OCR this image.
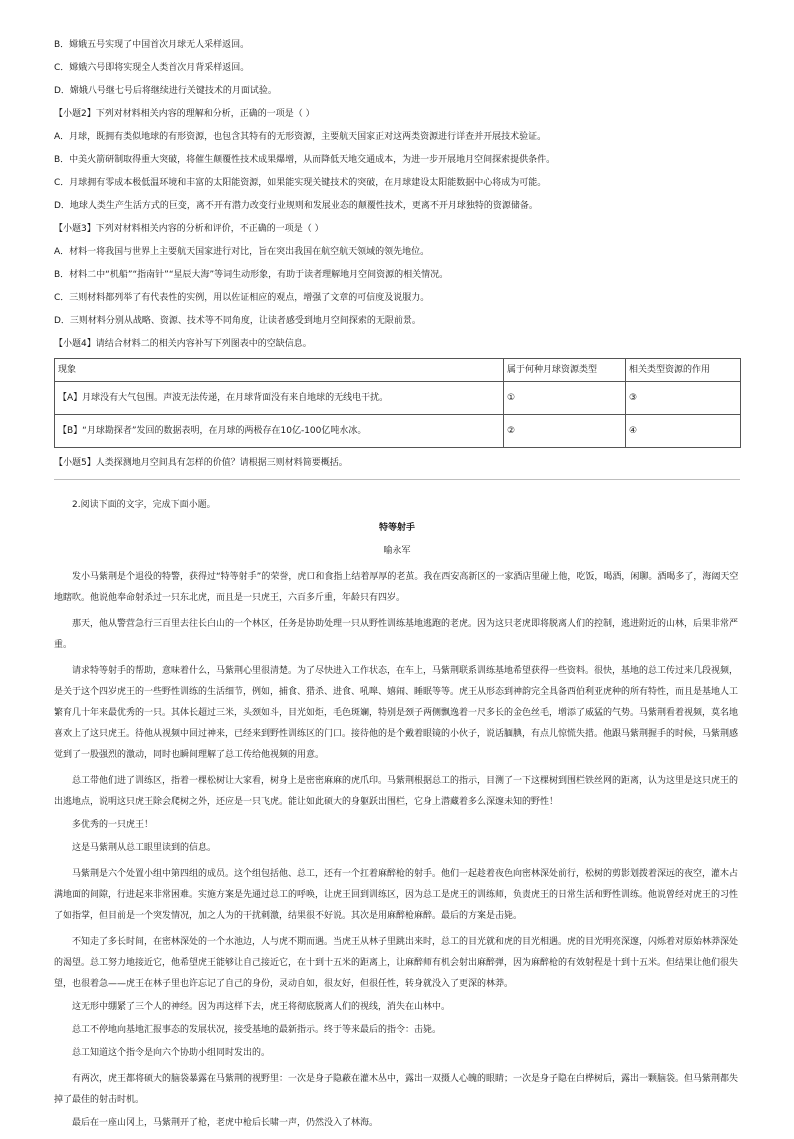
B．嫦娥五号实现了中国首次月球无人采样返回。
C．嫦娥六号即将实现全人类首次月背采样返回。
D．嫦娥八号继七号后将继续进行关键技术的月面试验。
【小题2】下列对材料相关内容的理解和分析，正确的一项是（ ）
A．月球，既拥有类似地球的有形资源，也包含其特有的无形资源，主要航天国家正对这两类资源进行详查并开展技术验证。
B．中美火箭研制取得重大突破，将催生颠覆性技术成果爆增，从而降低天地交通成本，为进一步开展地月空间探索提供条件。
C．月球拥有零成本极低温环境和丰富的太阳能资源，如果能实现关键技术的突破，在月球建设太阳能数据中心将成为可能。
D．地球人类生产生活方式的巨变，离不开有潜力改变行业规则和发展业态的颠覆性技术，更离不开月球独特的资源储备。
【小题3】下列对材料相关内容的分析和评价，不正确的一项是（ ）
A．材料一将我国与世界上主要航天国家进行对比，旨在突出我国在航空航天领域的领先地位。
B．材料二中“机船”“指南针”“星辰大海”等词生动形象，有助于读者理解地月空间资源的相关情况。
C．三则材料都列举了有代表性的实例，用以佐证相应的观点，增强了文章的可信度及说服力。
D．三则材料分别从战略、资源、技术等不同角度，让读者感受到地月空间探索的无限前景。
【小题4】请结合材料二的相关内容补写下列图表中的空缺信息。
现象	属于何种月球资源类型	相关类型资源的作用
【A】月球没有大气包围。声波无法传递，在月球背面没有来自地球的无线电干扰。	①	③
【B】“月球勘探者”发回的数据表明，在月球的两极存在10亿-100亿吨水冰。	②	④
【小题5】人类探测地月空间具有怎样的价值？请根据三则材料简要概括。
2.阅读下面的文字，完成下面小题。
特等射手
喻永军
发小马紫荆是个退役的特警，获得过“特等射手”的荣誉，虎口和食指上结着厚厚的老茧。我在西安高新区的一家酒店里碰上他，吃饭，喝酒，闲聊。酒喝多了，海阔天空地瞎吹。他说他奉命射杀过一只东北虎，而且是一只虎王，六百多斤重，年龄只有四岁。
那天，他从警营急行三百里去往长白山的一个林区，任务是协助处理一只从野性训练基地逃跑的老虎。因为这只老虎即将脱离人们的控制，逃进附近的山林，后果非常严重。
请求特等射手的帮助，意味着什么，马紫荆心里很清楚。为了尽快进入工作状态，在车上，马紫荆联系训练基地希望获得一些资料。很快，基地的总工传过来几段视频，是关于这个四岁虎王的一些野性训练的生活细节，例如，捕食、猎杀、进食、吼嗥、嬉闹、睡眠等等。虎王从形态到神韵完全具备西伯利亚虎种的所有特性，而且是基地人工繁育几十年来最优秀的一只。其体长超过三米，头颈如斗，目光如炬，毛色斑斓，特别是颈子两侧飘逸着一尺多长的金色丝毛，增添了威猛的气势。马紫荆看着视频，莫名地喜欢上了这只虎王。待他从视频中回过神来，已经来到野性训练区的门口。接待他的是个戴着眼镜的小伙子，说话腼腆，有点儿惊慌失措。他跟马紫荆握手的时候，马紫荆感觉到了一股强烈的激动，同时也瞬间理解了总工传给他视频的用意。
总工带他们进了训练区，指着一棵松树让大家看，树身上是密密麻麻的虎爪印。马紫荆根据总工的指示，目测了一下这棵树到围栏铁丝网的距离，认为这里是这只虎王的出逃地点，说明这只虎王除会爬树之外，还应是一只飞虎。能让如此硕大的身躯跃出围栏，它身上潜藏着多么深邃未知的野性！
多优秀的一只虎王！
这是马紫荆从总工眼里读到的信息。
马紫荆是六个处置小组中第四组的成员。这个组包括他、总工，还有一个扛着麻醉枪的射手。他们一起趁着夜色向密林深处前行，松树的剪影划拨着深远的夜空，灌木占满地面的间隙，行进起来非常困难。实施方案是先通过总工的呼唤，让虎王回到训练区，因为总工是虎王的训练师，负责虎王的日常生活和野性训练。他说曾经对虎王的习性了如指掌，但目前是一个突发情况，加之人为的干扰刺激，结果很不好说。其次是用麻醉枪麻醉。最后的方案是击毙。
不知走了多长时间，在密林深处的一个水池边，人与虎不期而遇。当虎王从林子里跳出来时，总工的目光就和虎的目光相遇。虎的目光明亮深邃，闪烁着对原始林莽深处的渴望。总工努力地接近它，他希望虎王能够让自己接近它，在十到十五米的距离上，让麻醉师有机会射出麻醉弹，因为麻醉枪的有效射程是十到十五米。但结果让他们很失望，也很着急——虎王在林子里也许忘记了自己的身份，灵动自如，很友好，但很任性，转身就没入了更深的林莽。
这无形中绷紧了三个人的神经。因为再这样下去，虎王将彻底脱离人们的视线，消失在山林中。
总工不停地向基地汇报事态的发展状况，接受基地的最新指示。终于等来最后的指令：击毙。
总工知道这个指令是向六个协助小组同时发出的。
有两次，虎王都将硕大的脑袋暴露在马紫荆的视野里：一次是身子隐蔽在灌木丛中，露出一双摄人心魄的眼睛；一次是身子隐在白桦树后，露出一颗脑袋。但马紫荆都失掉了最佳的射击时机。
最后在一座山冈上，马紫荆开了枪，老虎中枪后长啸一声，仍然没入了林海。
